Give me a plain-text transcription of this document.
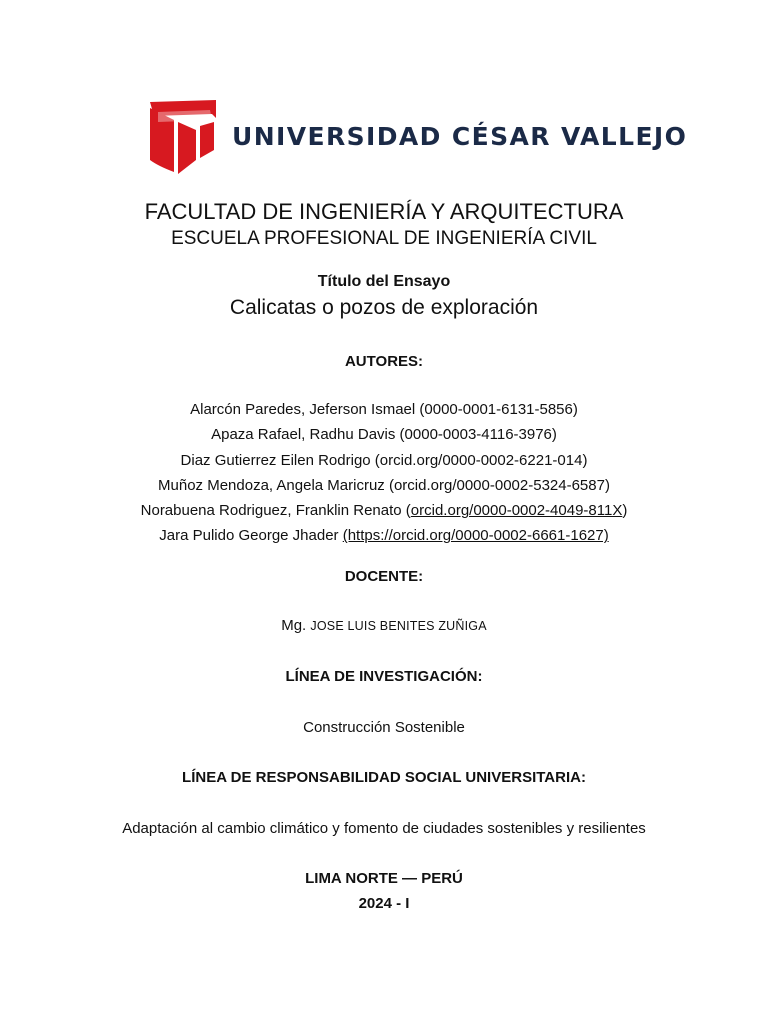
UNIVERSIDAD CÉSAR VALLEJO
FACULTAD DE INGENIERÍA Y ARQUITECTURA
ESCUELA PROFESIONAL DE INGENIERÍA CIVIL
Título del Ensayo
Calicatas o pozos de exploración
AUTORES:
Alarcón Paredes, Jeferson Ismael (0000-0001-6131-5856)
Apaza Rafael, Radhu Davis (0000-0003-4116-3976)
Diaz Gutierrez Eilen Rodrigo (orcid.org/0000-0002-6221-014)
Muñoz Mendoza, Angela Maricruz (orcid.org/0000-0002-5324-6587)
Norabuena Rodriguez, Franklin Renato (orcid.org/0000-0002-4049-811X)
Jara Pulido George Jhader (https://orcid.org/0000-0002-6661-1627)
DOCENTE:
Mg. JOSE LUIS BENITES ZUÑIGA
LÍNEA DE INVESTIGACIÓN:
Construcción Sostenible
LÍNEA DE RESPONSABILIDAD SOCIAL UNIVERSITARIA:
Adaptación al cambio climático y fomento de ciudades sostenibles y resilientes
LIMA NORTE — PERÚ
2024 - I
